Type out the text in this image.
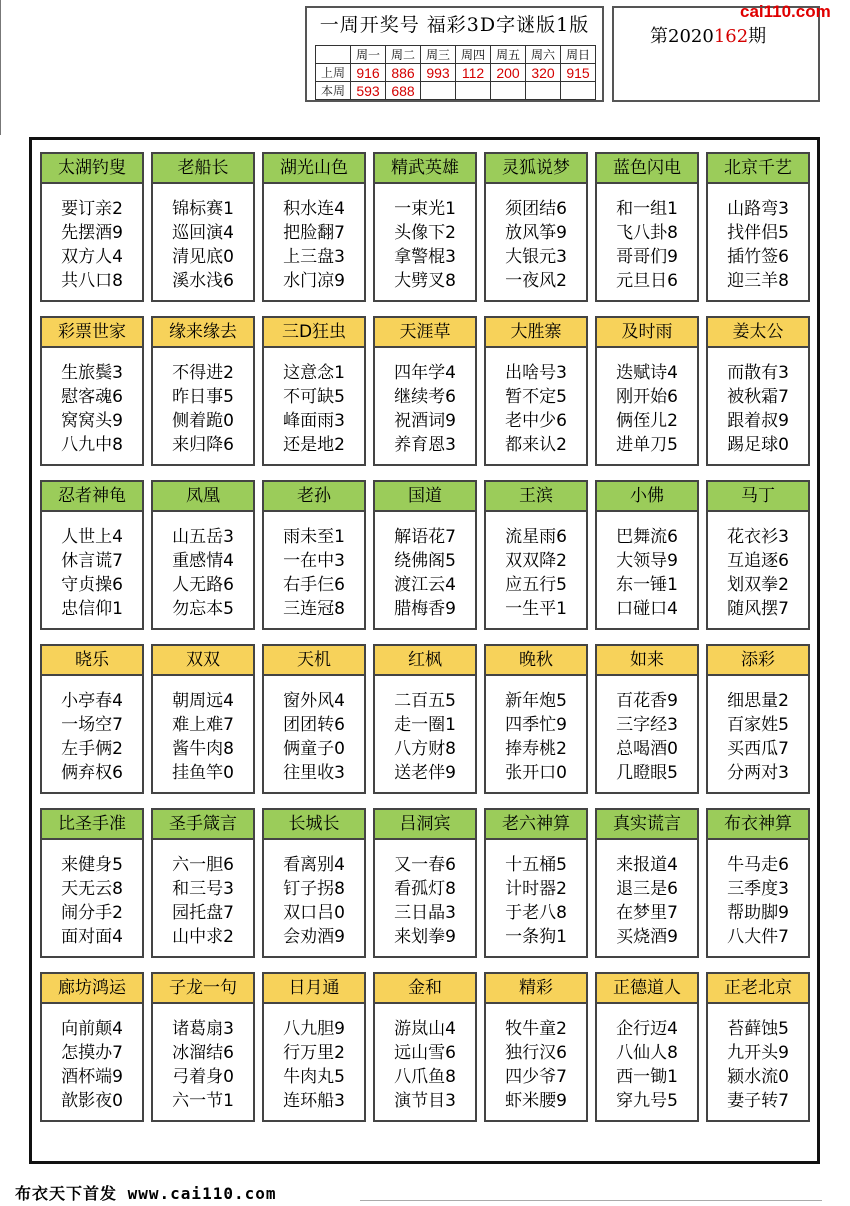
一周开奖号 福彩3D字谜版1版
	周一	周二	周三	周四	周五	周六	周日
上周	916	886	993	112	200	320	915
本周	593	688					
第2020162期
cai110.com
太湖钓叟
要订亲2
先摆酒9
双方人4
共八口8
老船长
锦标赛1
巡回演4
清见底0
溪水浅6
湖光山色
积水连4
把脸翻7
上三盘3
水门凉9
精武英雄
一束光1
头像下2
拿警棍3
大劈叉8
灵狐说梦
须团结6
放风筝9
大银元3
一夜风2
蓝色闪电
和一组1
飞八卦8
哥哥们9
元旦日6
北京千艺
山路弯3
找伴侣5
插竹签6
迎三羊8
彩票世家
生旅鬓3
慰客魂6
窝窝头9
八九中8
缘来缘去
不得进2
昨日事5
侧着跪0
来归降6
三D狂虫
这意念1
不可缺5
峰面雨3
还是地2
天涯草
四年学4
继续考6
祝酒词9
养育恩3
大胜寨
出啥号3
暂不定5
老中少6
都来认2
及时雨
迭赋诗4
刚开始6
俩侄儿2
进单刀5
姜太公
而散有3
被秋霜7
跟着叔9
踢足球0
忍者神龟
人世上4
休言谎7
守贞操6
忠信仰1
凤凰
山五岳3
重感情4
人无路6
勿忘本5
老孙
雨未至1
一在中3
右手仨6
三连冠8
国道
解语花7
绕佛阁5
渡江云4
腊梅香9
王滨
流星雨6
双双降2
应五行5
一生平1
小佛
巴舞流6
大领导9
东一锤1
口碰口4
马丁
花衣衫3
互追逐6
划双拳2
随风摆7
晓乐
小亭春4
一场空7
左手俩2
俩弃权6
双双
朝周远4
难上难7
酱牛肉8
挂鱼竿0
天机
窗外风4
团团转6
俩童子0
往里收3
红枫
二百五5
走一圈1
八方财8
送老伴9
晚秋
新年炮5
四季忙9
捧寿桃2
张开口0
如来
百花香9
三字经3
总喝酒0
几瞪眼5
添彩
细思量2
百家姓5
买西瓜7
分两对3
比圣手准
来健身5
天无云8
闹分手2
面对面4
圣手箴言
六一胆6
和三号3
园托盘7
山中求2
长城长
看离别4
钉子拐8
双口吕0
会劝酒9
吕洞宾
又一春6
看孤灯8
三日晶3
来划拳9
老六神算
十五桶5
计时器2
于老八8
一条狗1
真实谎言
来报道4
退三是6
在梦里7
买烧酒9
布衣神算
牛马走6
三季度3
帮助脚9
八大件7
廊坊鸿运
向前颠4
怎摸办7
酒杯端9
歆影夜0
子龙一句
诸葛扇3
冰溜结6
弓着身0
六一节1
日月通
八九胆9
行万里2
牛肉丸5
连环船3
金和
游岚山4
远山雪6
八爪鱼8
演节目3
精彩
牧牛童2
独行汉6
四少爷7
虾米腰9
正德道人
企行迈4
八仙人8
西一锄1
穿九号5
正老北京
苔藓蚀5
九开头9
颍水流0
妻子转7
布衣天下首发 www.cai110.com
